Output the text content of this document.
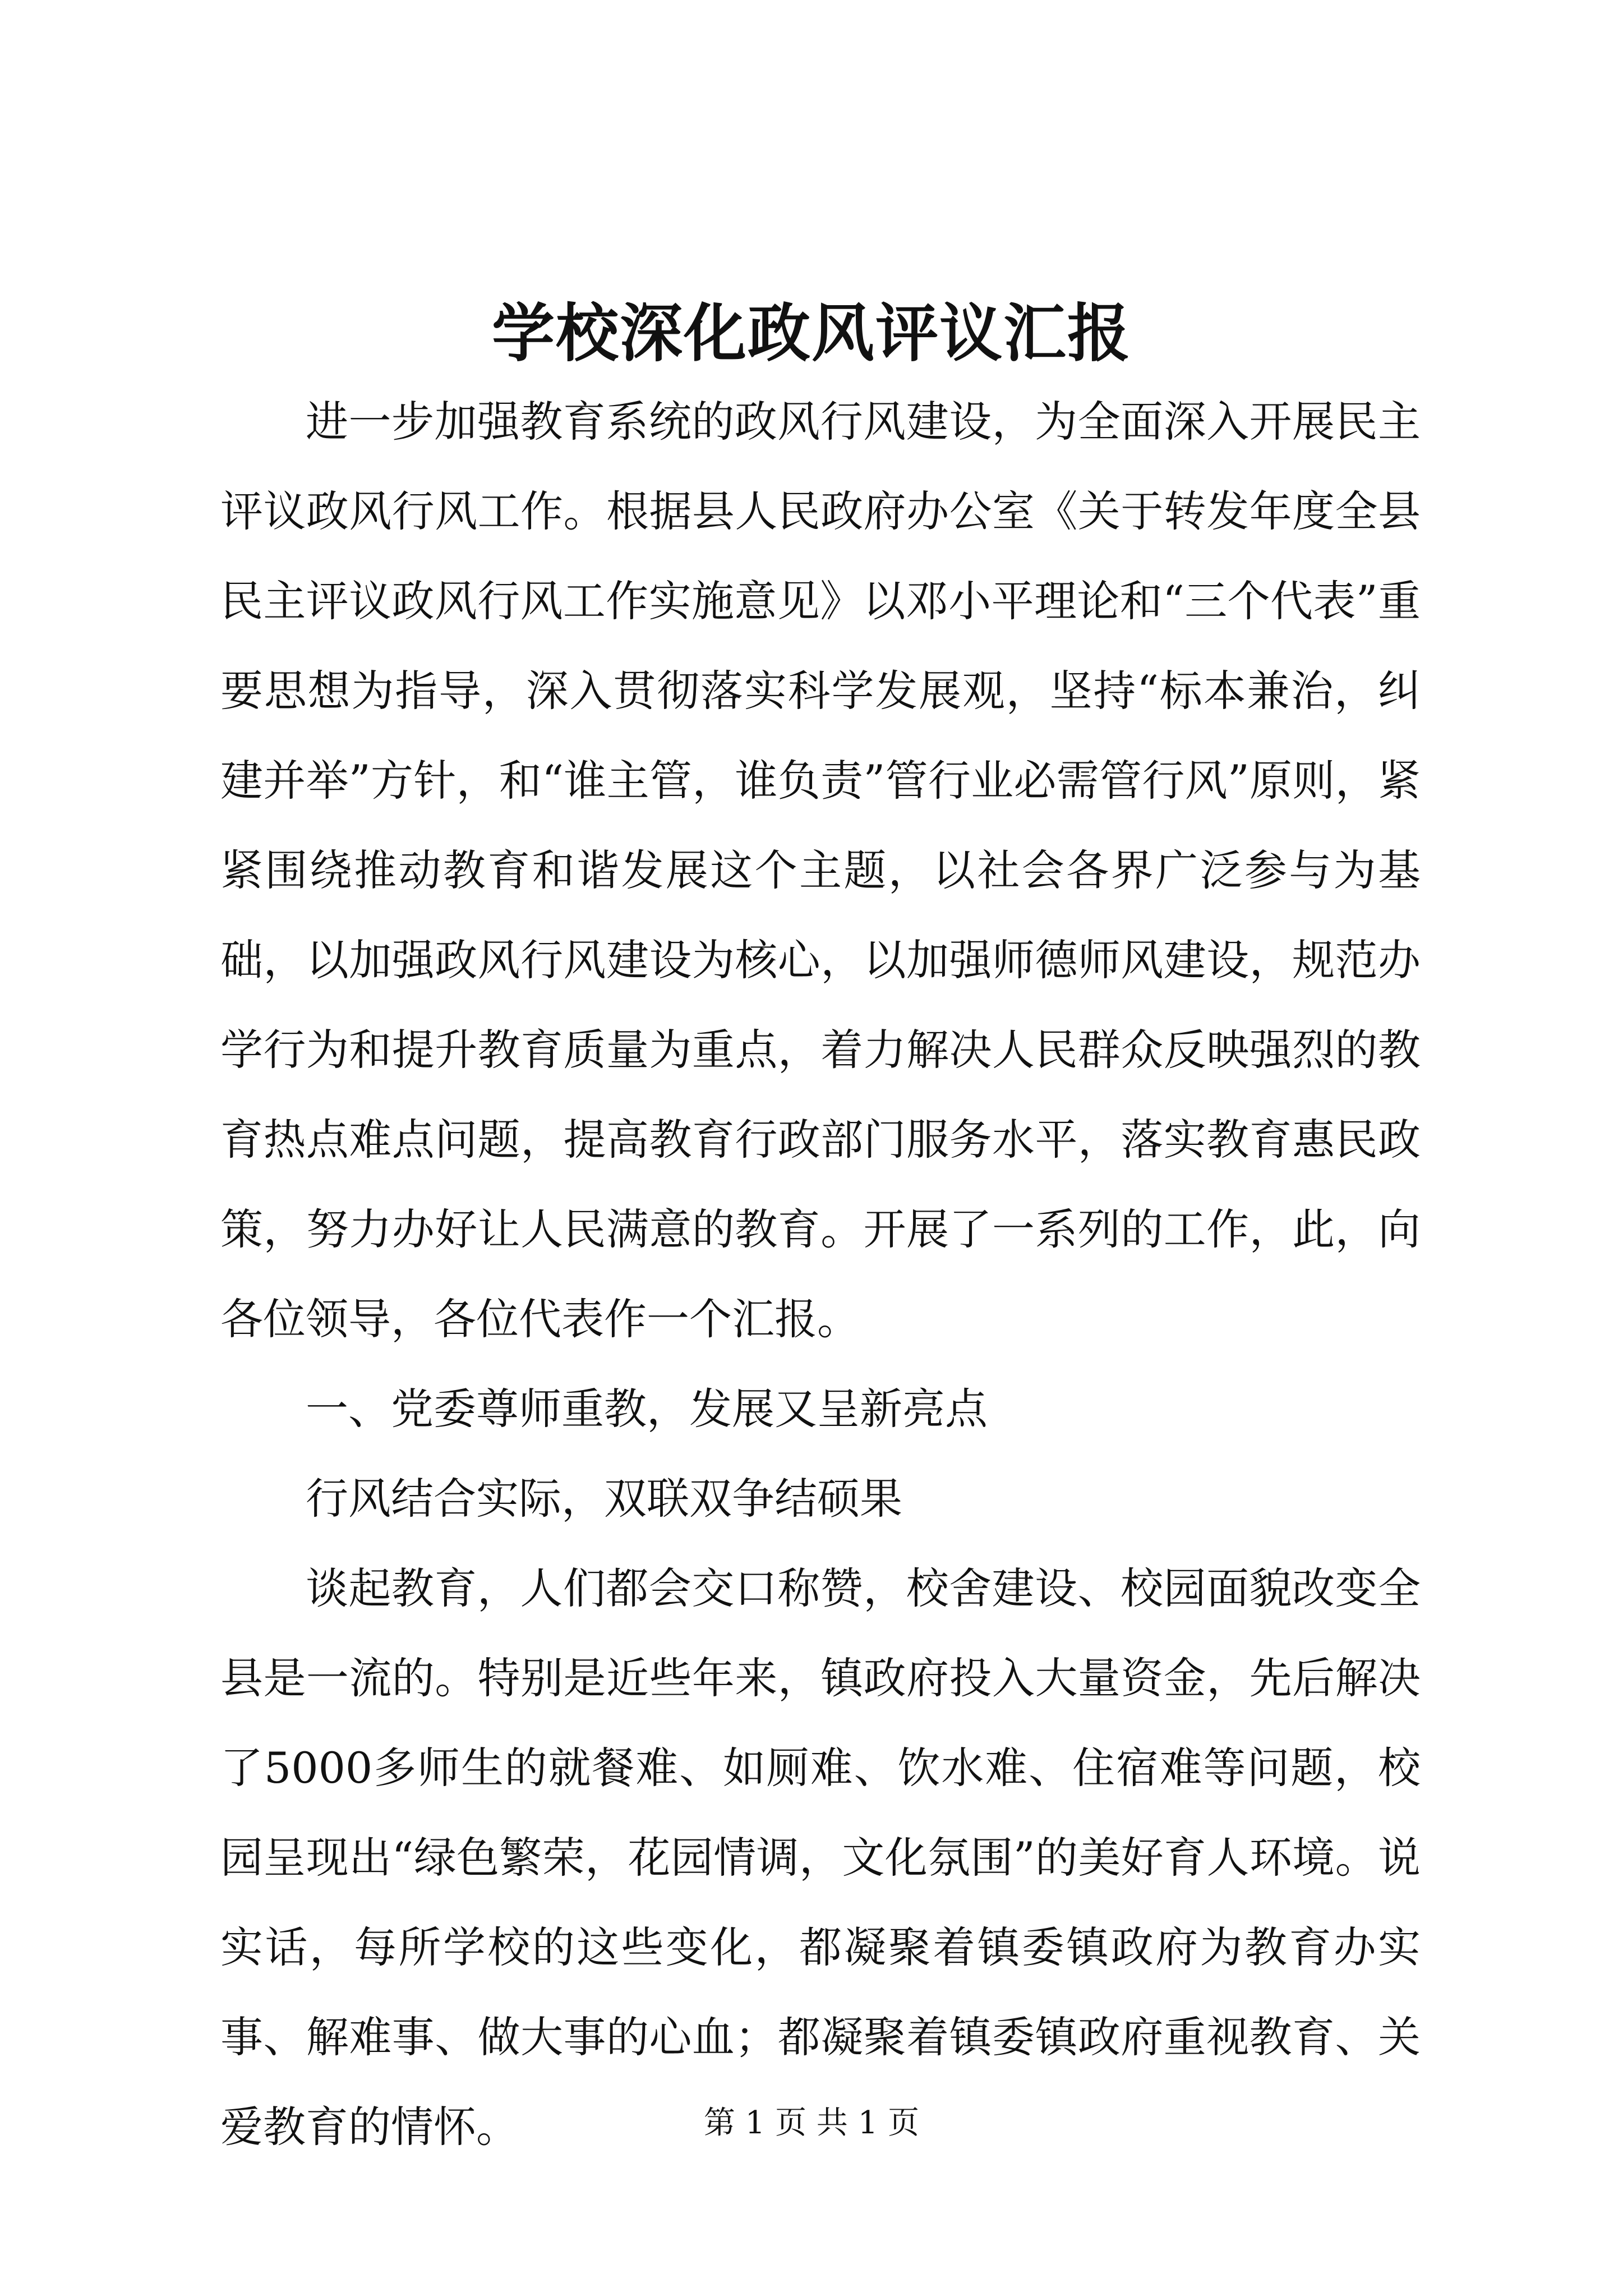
学校深化政风评议汇报

进一步加强教育系统的政风行风建设，为全面深入开展民主评议政风行风工作。根据县人民政府办公室《关于转发年度全县民主评议政风行风工作实施意见》以邓小平理论和“三个代表”重要思想为指导，深入贯彻落实科学发展观，坚持“标本兼治，纠建并举”方针，和“谁主管，谁负责”管行业必需管行风”原则，紧紧围绕推动教育和谐发展这个主题，以社会各界广泛参与为基础，以加强政风行风建设为核心，以加强师德师风建设，规范办学行为和提升教育质量为重点，着力解决人民群众反映强烈的教育热点难点问题，提高教育行政部门服务水平，落实教育惠民政策，努力办好让人民满意的教育。开展了一系列的工作，此，向各位领导，各位代表作一个汇报。

一、党委尊师重教，发展又呈新亮点

行风结合实际，双联双争结硕果

谈起教育，人们都会交口称赞，校舍建设、校园面貌改变全县是一流的。特别是近些年来，镇政府投入大量资金，先后解决了5000多师生的就餐难、如厕难、饮水难、住宿难等问题，校园呈现出“绿色繁荣，花园情调，文化氛围”的美好育人环境。说实话，每所学校的这些变化，都凝聚着镇委镇政府为教育办实事、解难事、做大事的心血；都凝聚着镇委镇政府重视教育、关爱教育的情怀。	第 1 页 共 1 页
